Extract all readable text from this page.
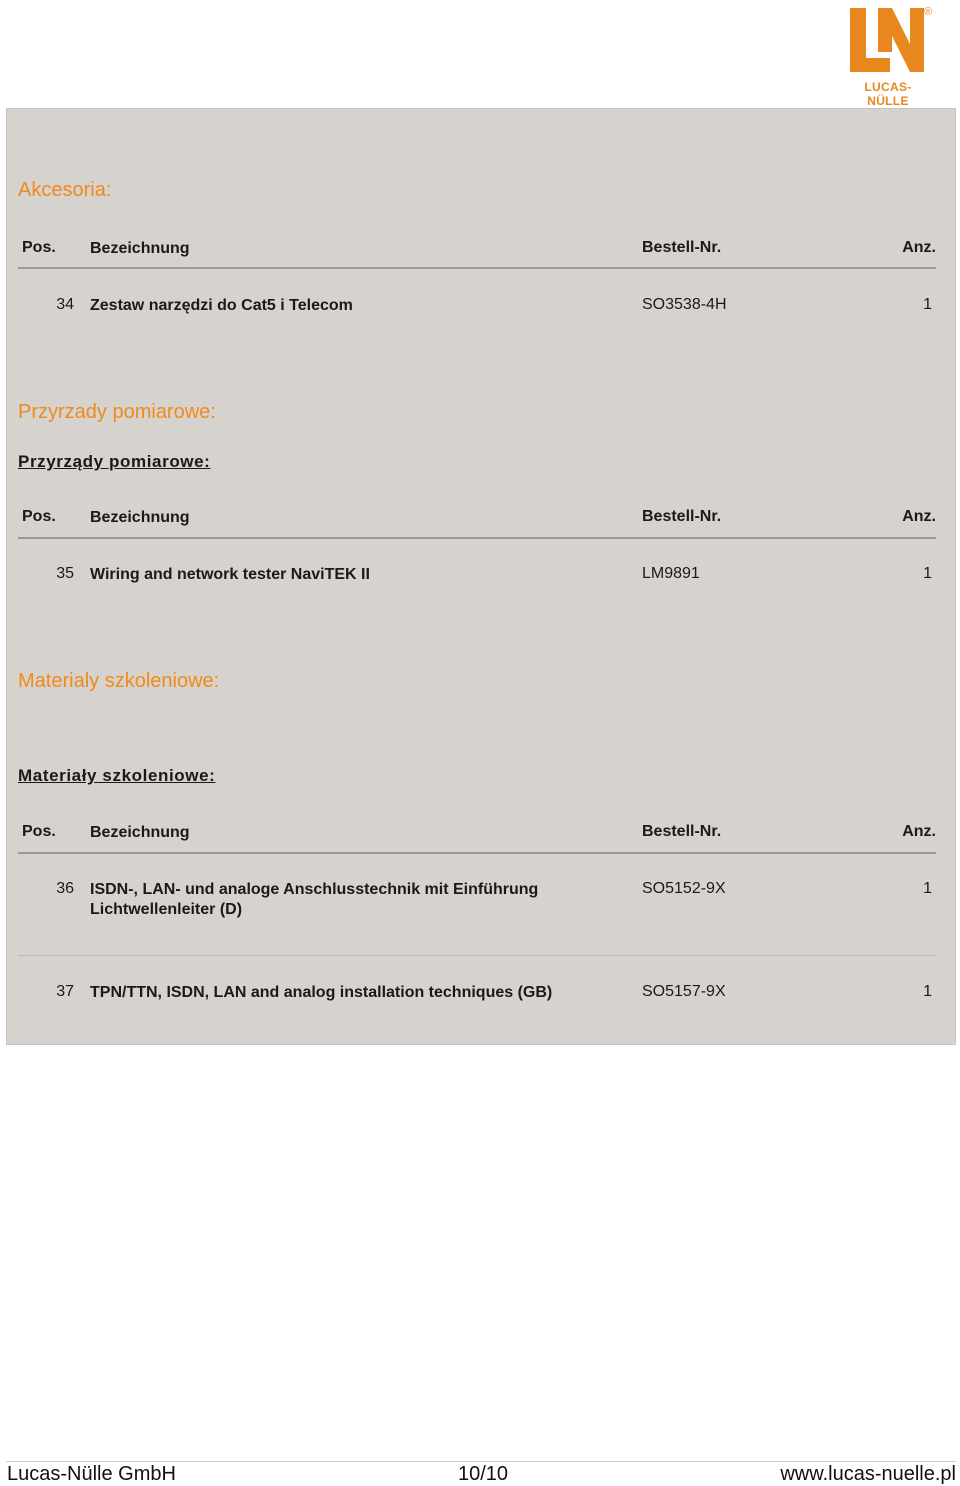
®
LUCAS-NÜLLE
Akcesoria:
Pos.	Bezeichnung	Bestell-Nr.	Anz.
34 Zestaw narzędzi do Cat5 i Telecom	SO3538-4H	1
Przyrzady pomiarowe:
Przyrządy pomiarowe:
Pos.	Bezeichnung	Bestell-Nr.	Anz.
35 Wiring and network tester NaviTEK II	LM9891	1
Materialy szkoleniowe:
Materiały szkoleniowe:
Pos.	Bezeichnung	Bestell-Nr.	Anz.
36 ISDN-, LAN- und analoge Anschlusstechnik mit Einführung
Lichtwellenleiter (D)
SO5152-9X	1
37 TPN/TTN, ISDN, LAN and analog installation techniques (GB)	SO5157-9X	1
Lucas-Nülle GmbH	10/10	www.lucas-nuelle.pl
